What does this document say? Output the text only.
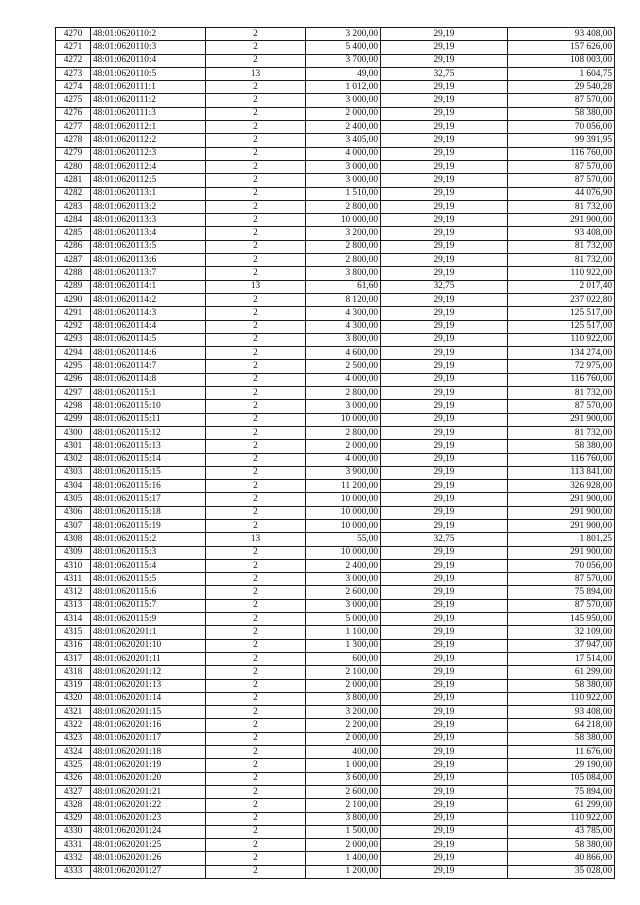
4270	48:01:0620110:2	2	3 200,00	29,19	93 408,00
4271	48:01:0620110:3	2	5 400,00	29,19	157 626,00
4272	48:01:0620110:4	2	3 700,00	29,19	108 003,00
4273	48:01:0620110:5	13	49,00	32,75	1 604,75
4274	48:01:0620111:1	2	1 012,00	29,19	29 540,28
4275	48:01:0620111:2	2	3 000,00	29,19	87 570,00
4276	48:01:0620111:3	2	2 000,00	29,19	58 380,00
4277	48:01:0620112:1	2	2 400,00	29,19	70 056,00
4278	48:01:0620112:2	2	3 405,00	29,19	99 391,95
4279	48:01:0620112:3	2	4 000,00	29,19	116 760,00
4280	48:01:0620112:4	2	3 000,00	29,19	87 570,00
4281	48:01:0620112:5	2	3 000,00	29,19	87 570,00
4282	48:01:0620113:1	2	1 510,00	29,19	44 076,90
4283	48:01:0620113:2	2	2 800,00	29,19	81 732,00
4284	48:01:0620113:3	2	10 000,00	29,19	291 900,00
4285	48:01:0620113:4	2	3 200,00	29,19	93 408,00
4286	48:01:0620113:5	2	2 800,00	29,19	81 732,00
4287	48:01:0620113:6	2	2 800,00	29,19	81 732,00
4288	48:01:0620113:7	2	3 800,00	29,19	110 922,00
4289	48:01:0620114:1	13	61,60	32,75	2 017,40
4290	48:01:0620114:2	2	8 120,00	29,19	237 022,80
4291	48:01:0620114:3	2	4 300,00	29,19	125 517,00
4292	48:01:0620114:4	2	4 300,00	29,19	125 517,00
4293	48:01:0620114:5	2	3 800,00	29,19	110 922,00
4294	48:01:0620114:6	2	4 600,00	29,19	134 274,00
4295	48:01:0620114:7	2	2 500,00	29,19	72 975,00
4296	48:01:0620114:8	2	4 000,00	29,19	116 760,00
4297	48:01:0620115:1	2	2 800,00	29,19	81 732,00
4298	48:01:0620115:10	2	3 000,00	29,19	87 570,00
4299	48:01:0620115:11	2	10 000,00	29,19	291 900,00
4300	48:01:0620115:12	2	2 800,00	29,19	81 732,00
4301	48:01:0620115:13	2	2 000,00	29,19	58 380,00
4302	48:01:0620115:14	2	4 000,00	29,19	116 760,00
4303	48:01:0620115:15	2	3 900,00	29,19	113 841,00
4304	48:01:0620115:16	2	11 200,00	29,19	326 928,00
4305	48:01:0620115:17	2	10 000,00	29,19	291 900,00
4306	48:01:0620115:18	2	10 000,00	29,19	291 900,00
4307	48:01:0620115:19	2	10 000,00	29,19	291 900,00
4308	48:01:0620115:2	13	55,00	32,75	1 801,25
4309	48:01:0620115:3	2	10 000,00	29,19	291 900,00
4310	48:01:0620115:4	2	2 400,00	29,19	70 056,00
4311	48:01:0620115:5	2	3 000,00	29,19	87 570,00
4312	48:01:0620115:6	2	2 600,00	29,19	75 894,00
4313	48:01:0620115:7	2	3 000,00	29,19	87 570,00
4314	48:01:0620115:9	2	5 000,00	29,19	145 950,00
4315	48:01:0620201:1	2	1 100,00	29,19	32 109,00
4316	48:01:0620201:10	2	1 300,00	29,19	37 947,00
4317	48:01:0620201:11	2	600,00	29,19	17 514,00
4318	48:01:0620201:12	2	2 100,00	29,19	61 299,00
4319	48:01:0620201:13	2	2 000,00	29,19	58 380,00
4320	48:01:0620201:14	2	3 800,00	29,19	110 922,00
4321	48:01:0620201:15	2	3 200,00	29,19	93 408,00
4322	48:01:0620201:16	2	2 200,00	29,19	64 218,00
4323	48:01:0620201:17	2	2 000,00	29,19	58 380,00
4324	48:01:0620201:18	2	400,00	29,19	11 676,00
4325	48:01:0620201:19	2	1 000,00	29,19	29 190,00
4326	48:01:0620201:20	2	3 600,00	29,19	105 084,00
4327	48:01:0620201:21	2	2 600,00	29,19	75 894,00
4328	48:01:0620201:22	2	2 100,00	29,19	61 299,00
4329	48:01:0620201:23	2	3 800,00	29,19	110 922,00
4330	48:01:0620201:24	2	1 500,00	29,19	43 785,00
4331	48:01:0620201:25	2	2 000,00	29,19	58 380,00
4332	48:01:0620201:26	2	1 400,00	29,19	40 866,00
4333	48:01:0620201:27	2	1 200,00	29,19	35 028,00
